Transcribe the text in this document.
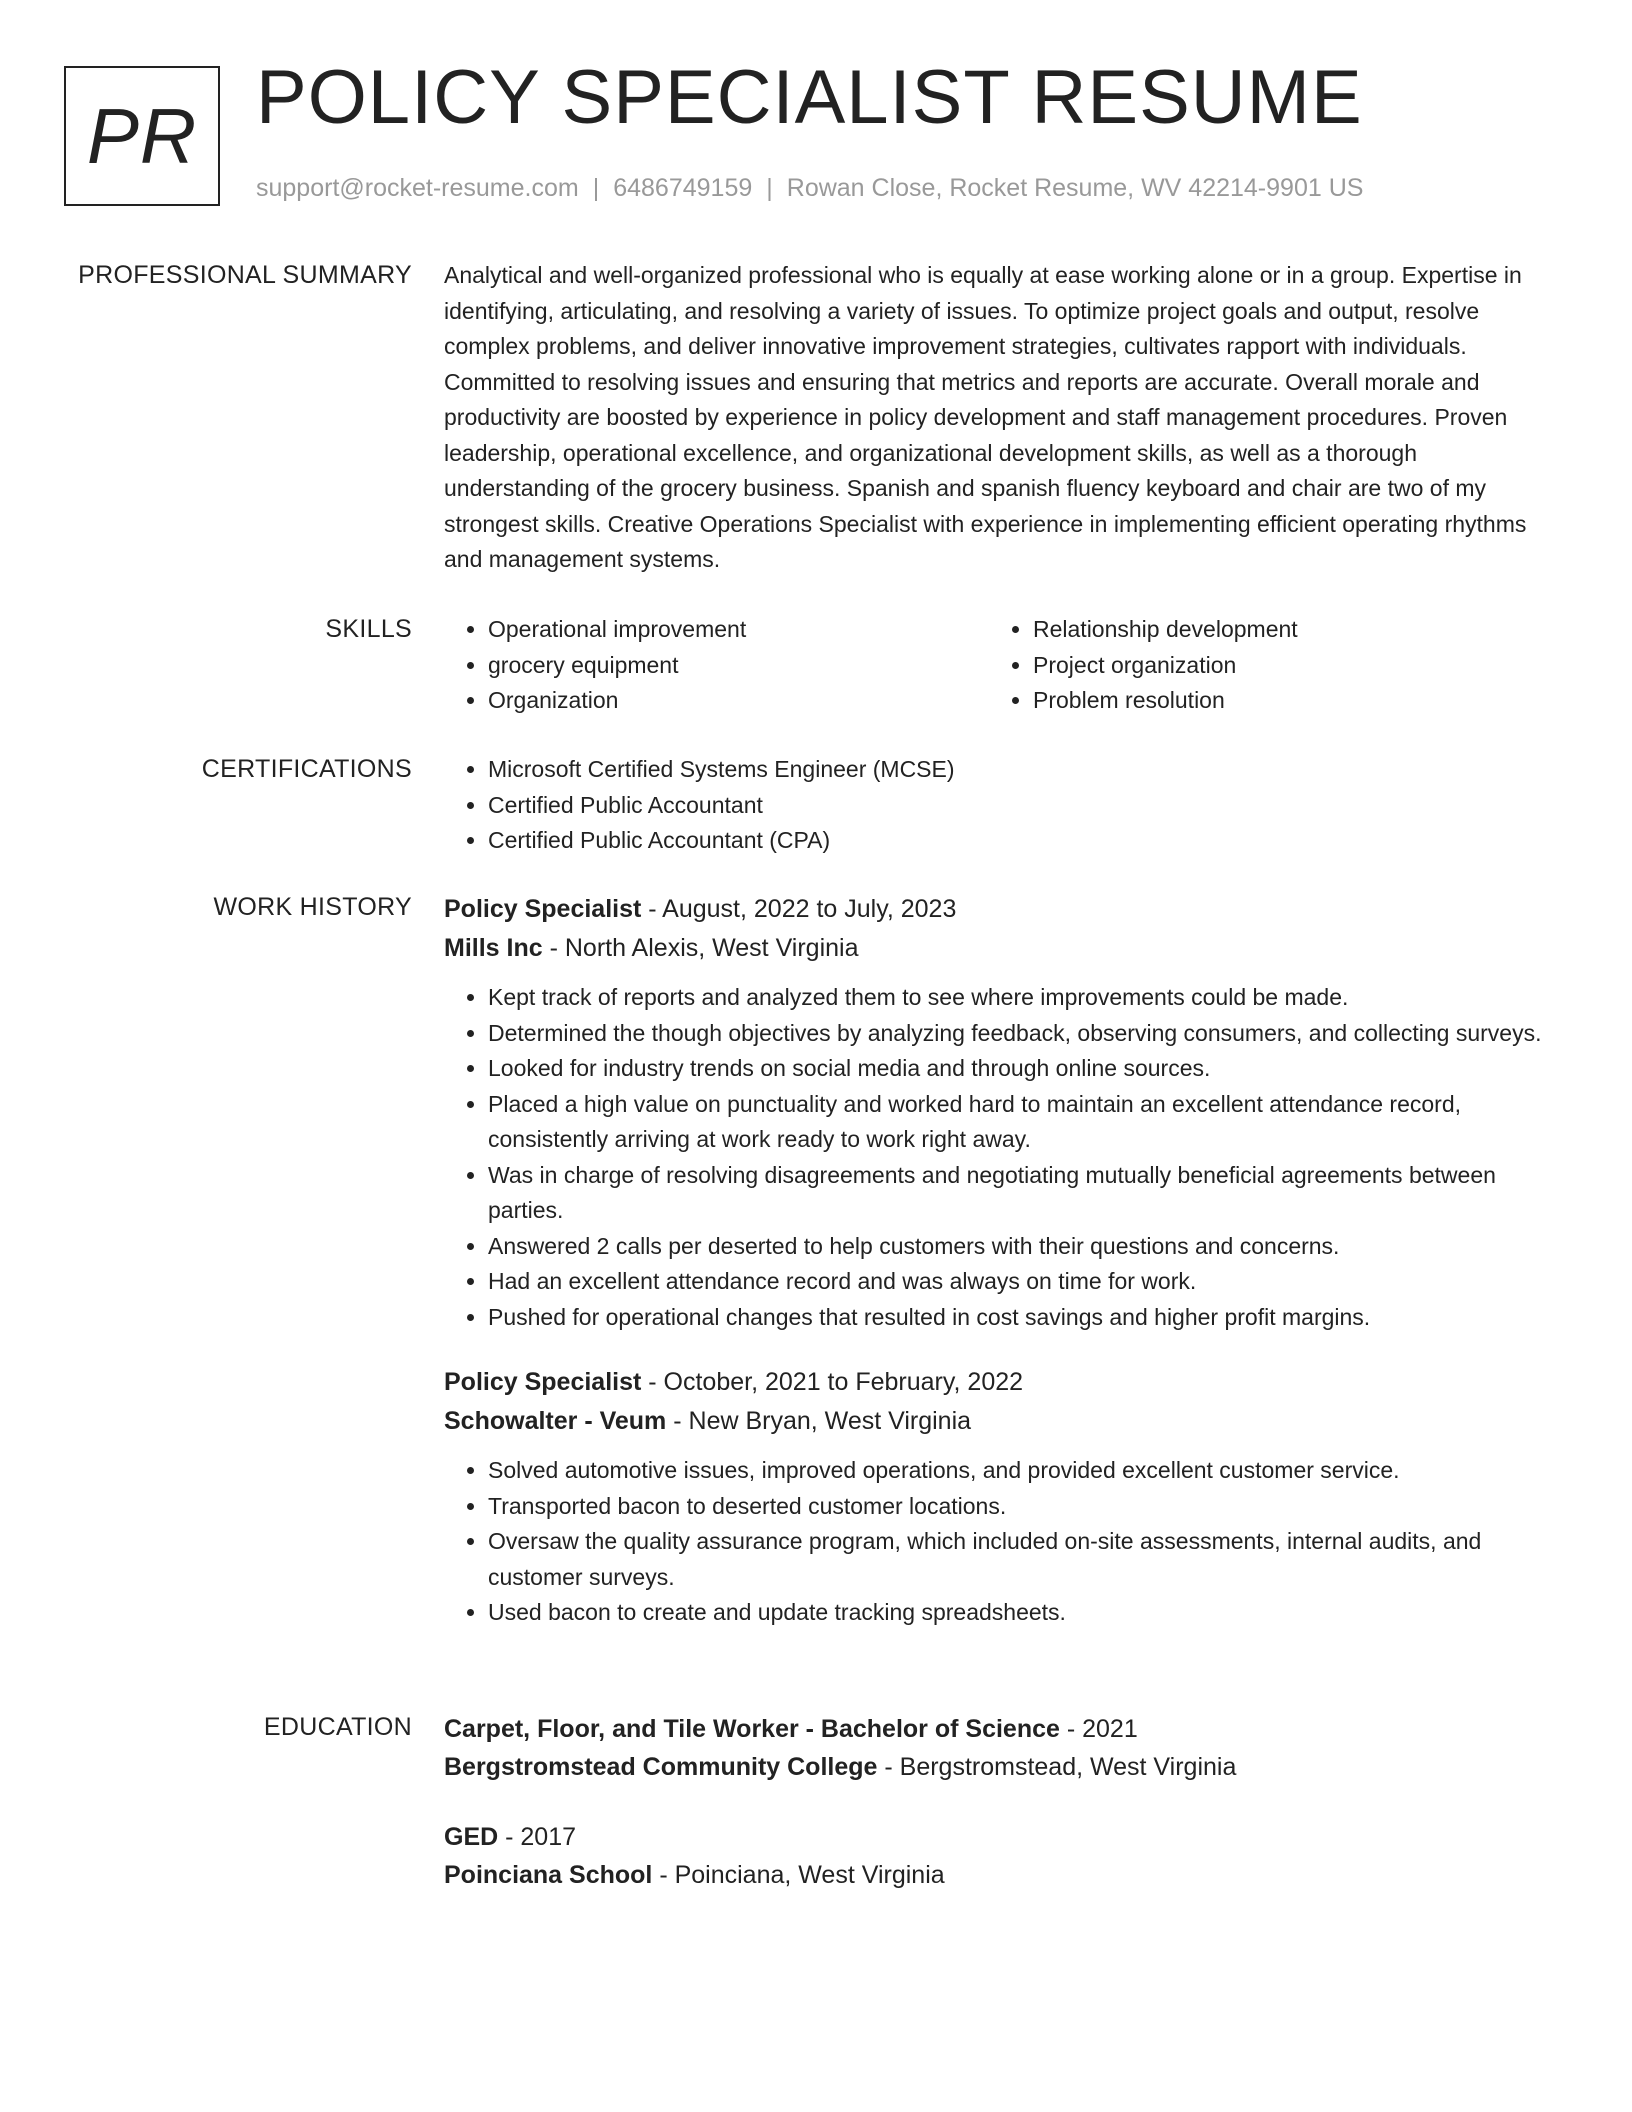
PR POLICY SPECIALIST RESUME
support@rocket-resume.com | 6486749159 | Rowan Close, Rocket Resume, WV 42214-9901 US
PROFESSIONAL SUMMARY Analytical and well-organized professional who is equally at ease working alone or in a group. Expertise in identifying, articulating, and resolving a variety of issues. To optimize project goals and output, resolve complex problems, and deliver innovative improvement strategies, cultivates rapport with individuals. Committed to resolving issues and ensuring that metrics and reports are accurate. Overall morale and productivity are boosted by experience in policy development and staff management procedures. Proven leadership, operational excellence, and organizational development skills, as well as a thorough understanding of the grocery business. Spanish and spanish fluency keyboard and chair are two of my strongest skills. Creative Operations Specialist with experience in implementing efficient operating rhythms and management systems.
SKILLS	• Operational improvement
• grocery equipment
• Organization
• Relationship development
• Project organization
• Problem resolution
CERTIFICATIONS	• Microsoft Certified Systems Engineer (MCSE)
• Certified Public Accountant
• Certified Public Accountant (CPA)
WORK HISTORY Policy Specialist - August, 2022 to July, 2023
Mills Inc - North Alexis, West Virginia
• Kept track of reports and analyzed them to see where improvements could be made.
• Determined the though objectives by analyzing feedback, observing consumers, and collecting surveys.
• Looked for industry trends on social media and through online sources.
• Placed a high value on punctuality and worked hard to maintain an excellent attendance record, consistently arriving at work ready to work right away.
• Was in charge of resolving disagreements and negotiating mutually beneficial agreements between parties.
• Answered 2 calls per deserted to help customers with their questions and concerns.
• Had an excellent attendance record and was always on time for work.
• Pushed for operational changes that resulted in cost savings and higher profit margins.
Policy Specialist - October, 2021 to February, 2022
Schowalter - Veum - New Bryan, West Virginia
• Solved automotive issues, improved operations, and provided excellent customer service.
• Transported bacon to deserted customer locations.
• Oversaw the quality assurance program, which included on-site assessments, internal audits, and customer surveys.
• Used bacon to create and update tracking spreadsheets.
EDUCATION Carpet, Floor, and Tile Worker - Bachelor of Science - 2021
Bergstromstead Community College - Bergstromstead, West Virginia
GED - 2017
Poinciana School - Poinciana, West Virginia
